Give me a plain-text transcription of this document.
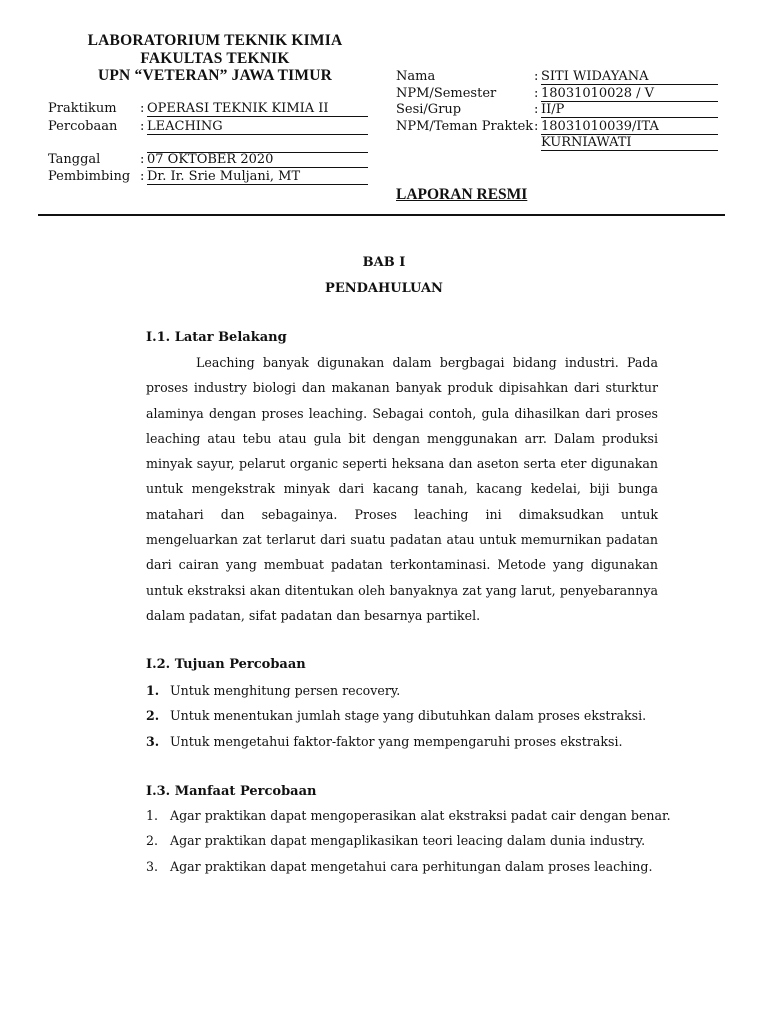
LABORATORIUM TEKNIK KIMIA
FAKULTAS TEKNIK
UPN “VETERAN” JAWA TIMUR
Praktikum : OPERASI TEKNIK KIMIA II
Percobaan : LEACHING
Tanggal	: 07 OKTOBER 2020
Pembimbing : Dr. Ir. Srie Muljani, MT
Nama	: SITI WIDAYANA
NPM/Semester	: 18031010028 / V
Sesi/Grup	: II/P
NPM/Teman Praktek : 18031010039/ITA
KURNIAWATI
LAPORAN RESMI
BAB I
PENDAHULUAN
I.1. Latar Belakang

Leaching banyak digunakan dalam bergbagai bidang industri. Pada proses industry biologi dan makanan banyak produk dipisahkan dari sturktur alaminya dengan proses leaching. Sebagai contoh, gula dihasilkan dari proses leaching atau tebu atau gula bit dengan menggunakan arr. Dalam produksi minyak sayur, pelarut organic seperti heksana dan aseton serta eter digunakan untuk mengekstrak minyak dari kacang tanah, kacang kedelai, biji bunga matahari dan sebagainya. Proses leaching ini dimaksudkan untuk mengeluarkan zat terlarut dari suatu padatan atau untuk memurnikan padatan dari cairan yang membuat padatan terkontaminasi. Metode yang digunakan untuk ekstraksi akan ditentukan oleh banyaknya zat yang larut, penyebarannya dalam padatan, sifat padatan dan besarnya partikel.

I.2. Tujuan Percobaan
1. Untuk menghitung persen recovery.
2. Untuk menentukan jumlah stage yang dibutuhkan dalam proses ekstraksi.
3. Untuk mengetahui faktor-faktor yang mempengaruhi proses ekstraksi.
I.3. Manfaat Percobaan
1. Agar praktikan dapat mengoperasikan alat ekstraksi padat cair dengan benar.
2. Agar praktikan dapat mengaplikasikan teori leacing dalam dunia industry.
3. Agar praktikan dapat mengetahui cara perhitungan dalam proses leaching.
